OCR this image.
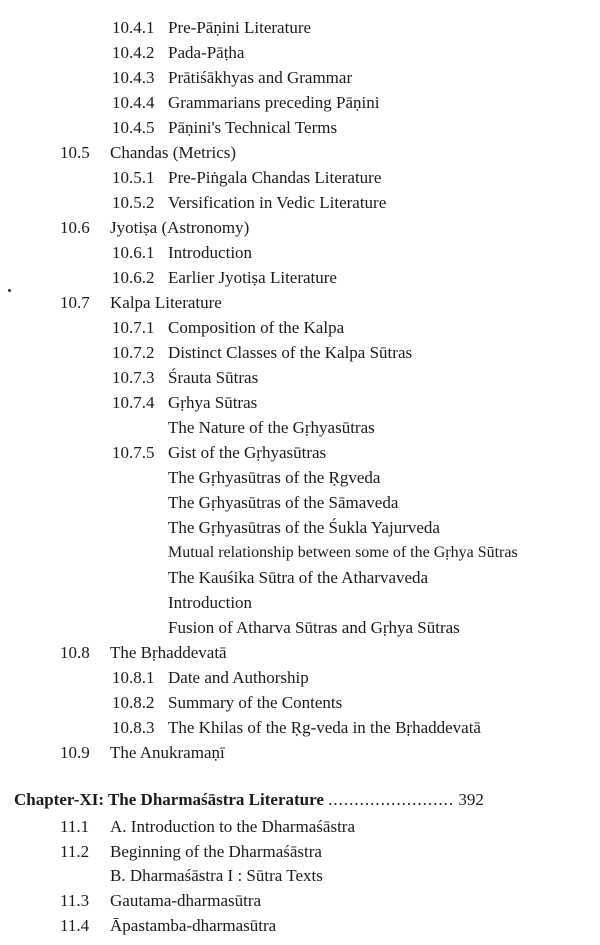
10.4.1 Pre-Pāṇini Literature
10.4.2 Pada-Pāṭha
10.4.3 Prātiśākhyas and Grammar
10.4.4 Grammarians preceding Pāṇini
10.4.5 Pāṇini's Technical Terms
10.5 Chandas (Metrics)
10.5.1 Pre-Piṅgala Chandas Literature
10.5.2 Versification in Vedic Literature
10.6 Jyotiṣa (Astronomy)
10.6.1 Introduction
10.6.2 Earlier Jyotiṣa Literature
10.7 Kalpa Literature
10.7.1 Composition of the Kalpa
10.7.2 Distinct Classes of the Kalpa Sūtras
10.7.3 Śrauta Sūtras
10.7.4 Gṛhya Sūtras
The Nature of the Gṛhyasūtras
10.7.5 Gist of the Gṛhyasūtras
The Gṛhyasūtras of the Ṛgveda
The Gṛhyasūtras of the Sāmaveda
The Gṛhyasūtras of the Śukla Yajurveda
Mutual relationship between some of the Gṛhya Sūtras
The Kauśika Sūtra of the Atharvaveda
Introduction
Fusion of Atharva Sūtras and Gṛhya Sūtras
10.8 The Bṛhaddevatā
10.8.1 Date and Authorship
10.8.2 Summary of the Contents
10.8.3 The Khilas of the Ṛg-veda in the Bṛhaddevatā
10.9 The Anukramaṇī
Chapter-XI: The Dharmaśāstra Literature ........................ 392
11.1 A. Introduction to the Dharmaśāstra
11.2 Beginning of the Dharmaśāstra
B. Dharmaśāstra I : Sūtra Texts
11.3 Gautama-dharmasūtra
11.4 Āpastamba-dharmasūtra
